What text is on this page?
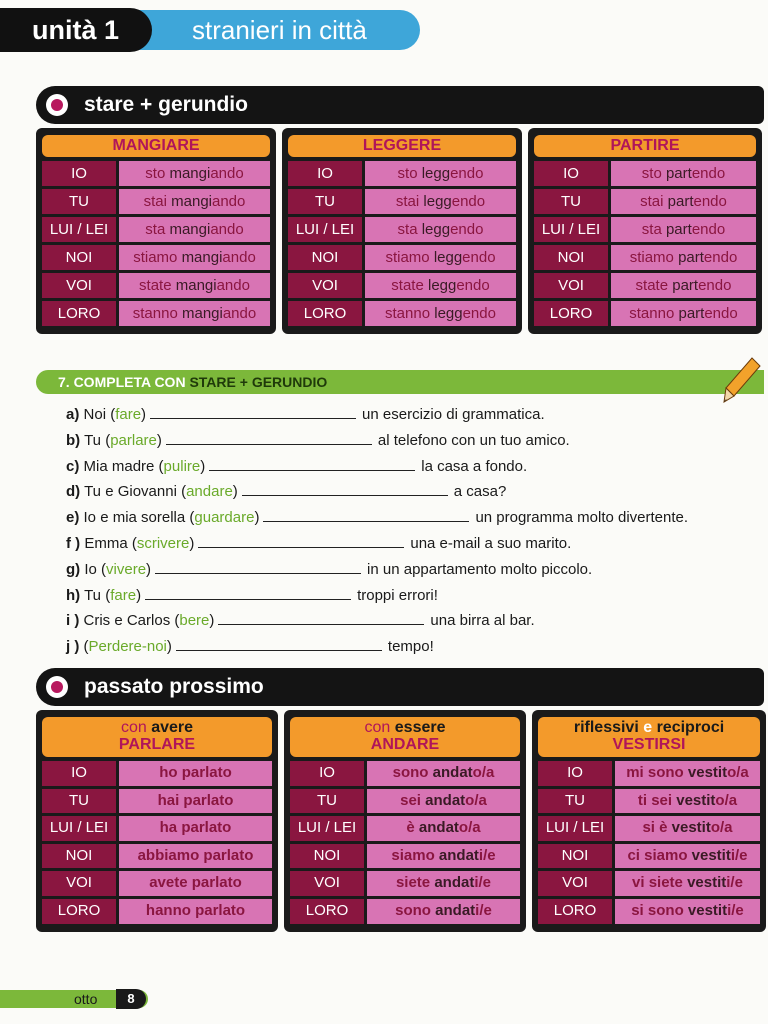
stranieri in città
unità 1
stare + gerundio
MANGIARE
IO	sto mangiando
TU	stai mangiando
LUI / LEI	sta mangiando
NOI	stiamo mangiando
VOI	state mangiando
LORO	stanno mangiando
LEGGERE
IO	sto leggendo
TU	stai leggendo
LUI / LEI	sta leggendo
NOI	stiamo leggendo
VOI	state leggendo
LORO	stanno leggendo
PARTIRE
IO	sto partendo
TU	stai partendo
LUI / LEI	sta partendo
NOI	stiamo partendo
VOI	state partendo
LORO	stanno partendo
7. COMPLETA CON STARE + GERUNDIO
a) Noi (fare)	un esercizio di grammatica.
b) Tu (parlare)	al telefono con un tuo amico.
c) Mia madre (pulire)	la casa a fondo.
d) Tu e Giovanni (andare)	a casa?
e) Io e mia sorella (guardare)	un programma molto divertente.
f ) Emma (scrivere)	una e-mail a suo marito.
g) Io (vivere)	in un appartamento molto piccolo.
h) Tu (fare)	troppi errori!
i ) Cris e Carlos (bere)	una birra al bar.
j ) (Perdere-noi)	tempo!
passato prossimo
con avere
PARLARE
IO	ho parlato
TU	hai parlato
LUI / LEI	ha parlato
NOI	abbiamo parlato
VOI	avete parlato
LORO	hanno parlato
con essere
ANDARE
IO	sono andato/a
TU	sei andato/a
LUI / LEI	è andato/a
NOI	siamo andati/e
VOI	siete andati/e
LORO	sono andati/e
riflessivi e reciproci
VESTIRSI
IO	mi sono vestito/a
TU	ti sei vestito/a
LUI / LEI	si è vestito/a
NOI	ci siamo vestiti/e
VOI	vi siete vestiti/e
LORO	si sono vestiti/e
otto	8
